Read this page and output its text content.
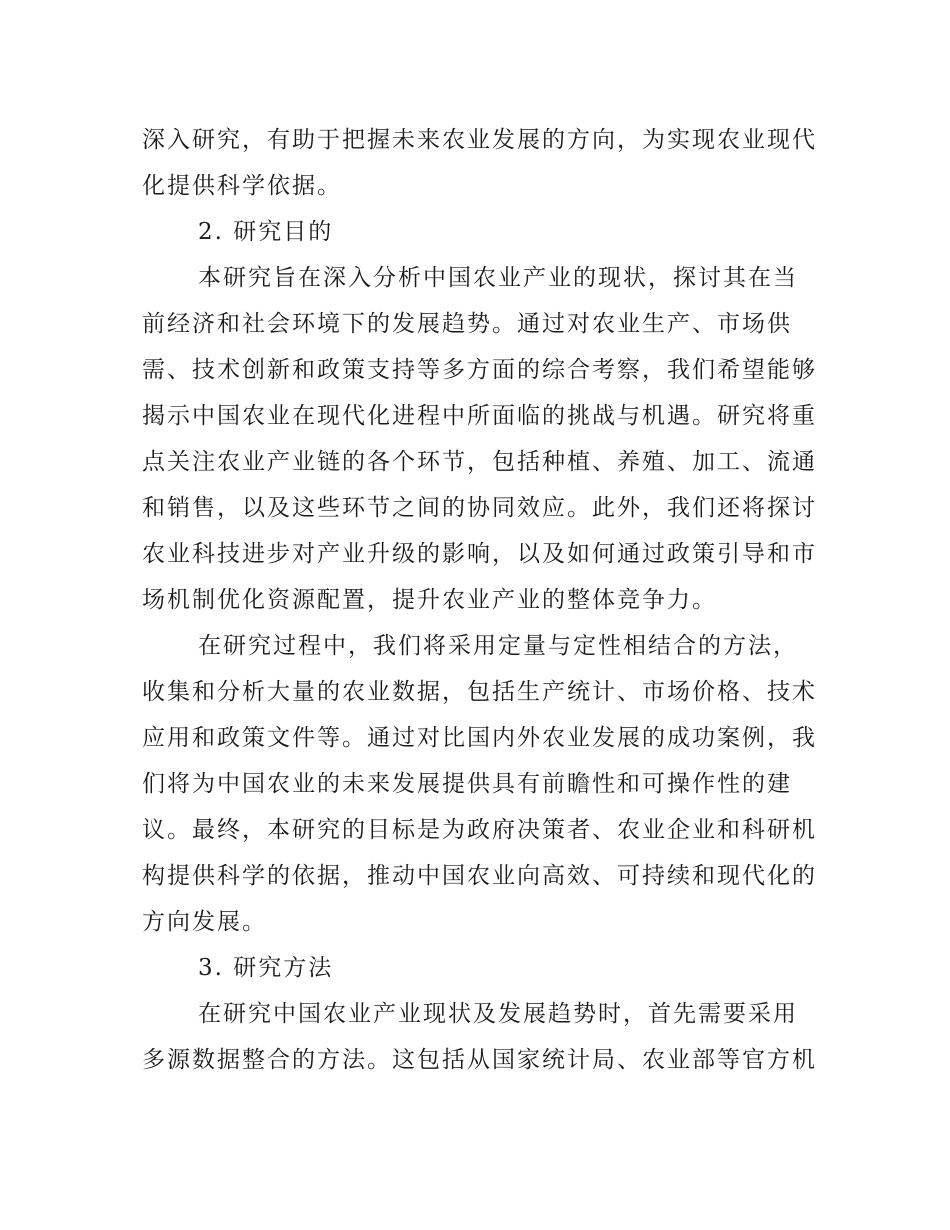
深入研究，有助于把握未来农业发展的方向，为实现农业现代
化提供科学依据。
2. 研究目的
本研究旨在深入分析中国农业产业的现状，探讨其在当
前经济和社会环境下的发展趋势。通过对农业生产、市场供
需、技术创新和政策支持等多方面的综合考察，我们希望能够
揭示中国农业在现代化进程中所面临的挑战与机遇。研究将重
点关注农业产业链的各个环节，包括种植、养殖、加工、流通
和销售，以及这些环节之间的协同效应。此外，我们还将探讨
农业科技进步对产业升级的影响，以及如何通过政策引导和市
场机制优化资源配置，提升农业产业的整体竞争力。
在研究过程中，我们将采用定量与定性相结合的方法，
收集和分析大量的农业数据，包括生产统计、市场价格、技术
应用和政策文件等。通过对比国内外农业发展的成功案例，我
们将为中国农业的未来发展提供具有前瞻性和可操作性的建
议。最终，本研究的目标是为政府决策者、农业企业和科研机
构提供科学的依据，推动中国农业向高效、可持续和现代化的
方向发展。
3. 研究方法
在研究中国农业产业现状及发展趋势时，首先需要采用
多源数据整合的方法。这包括从国家统计局、农业部等官方机
